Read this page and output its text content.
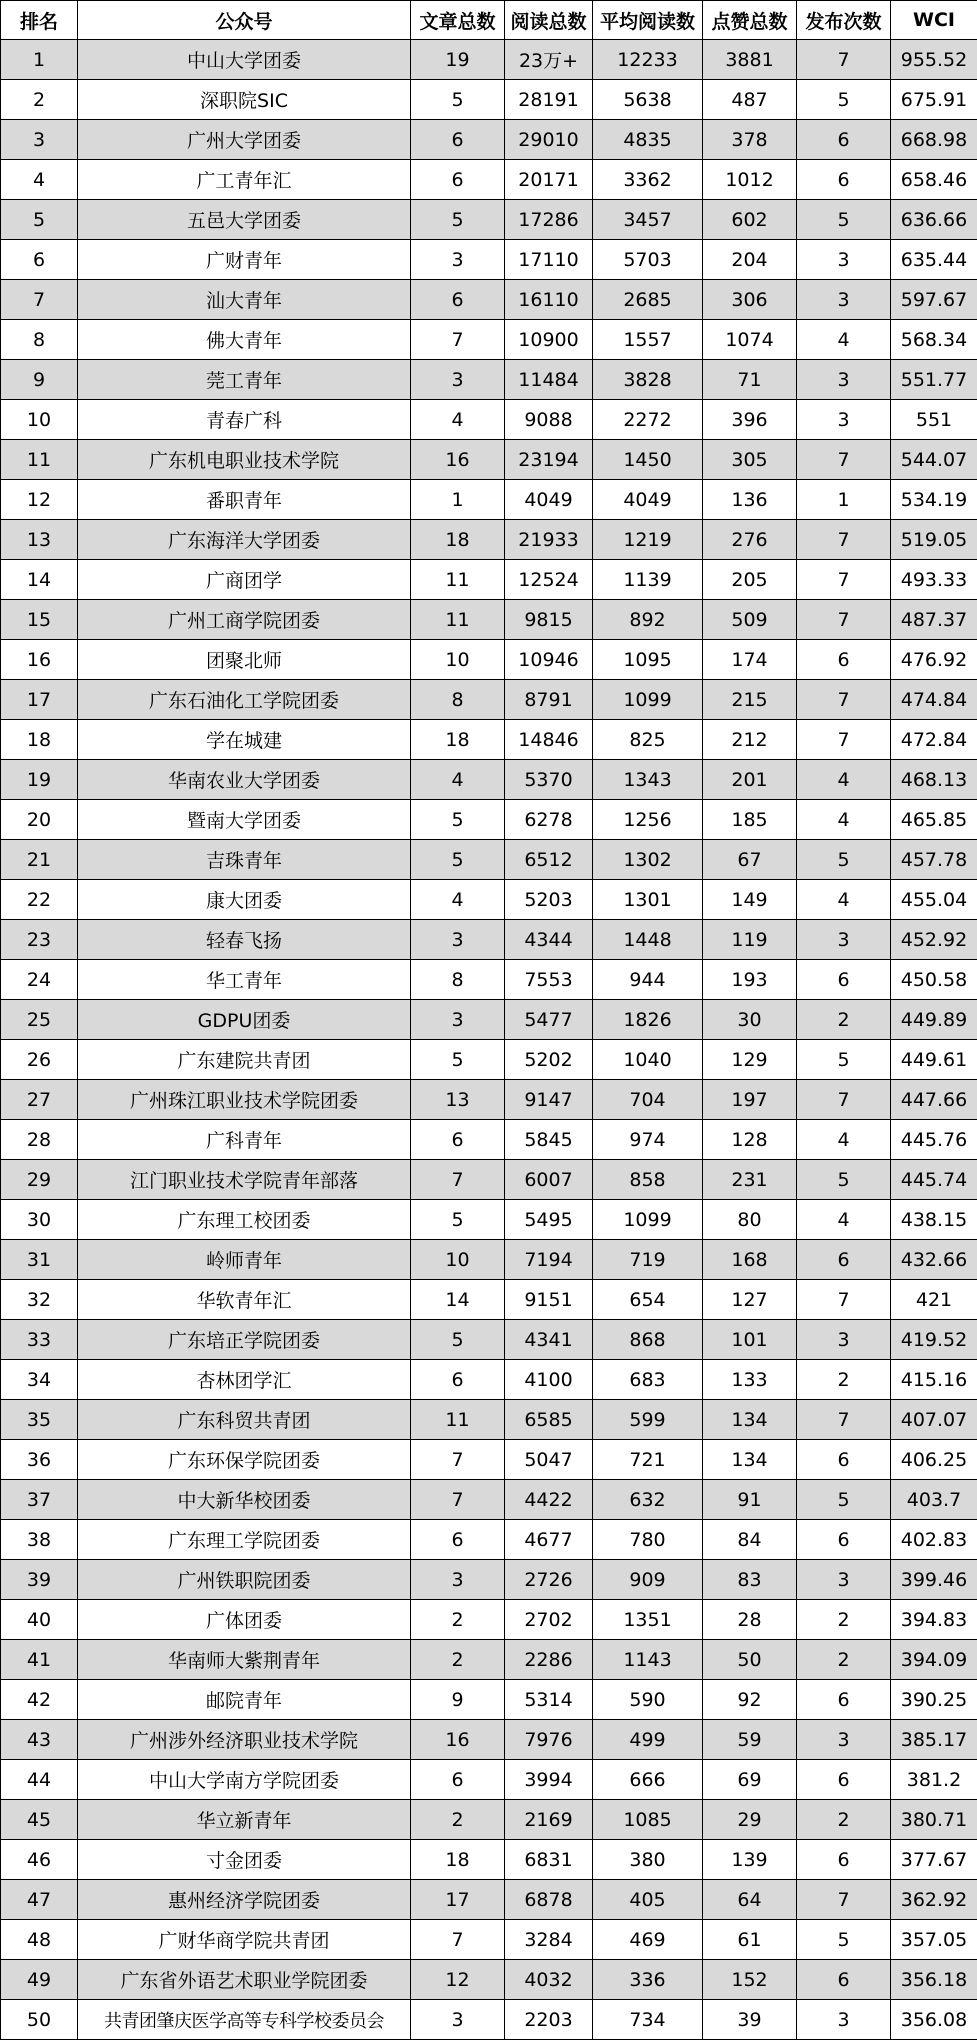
排名	公众号	文章总数	阅读总数	平均阅读数	点赞总数	发布次数	WCI
1	中山大学团委	19	23万+	12233	3881	7	955.52
2	深职院SIC	5	28191	5638	487	5	675.91
3	广州大学团委	6	29010	4835	378	6	668.98
4	广工青年汇	6	20171	3362	1012	6	658.46
5	五邑大学团委	5	17286	3457	602	5	636.66
6	广财青年	3	17110	5703	204	3	635.44
7	汕大青年	6	16110	2685	306	3	597.67
8	佛大青年	7	10900	1557	1074	4	568.34
9	莞工青年	3	11484	3828	71	3	551.77
10	青春广科	4	9088	2272	396	3	551
11	广东机电职业技术学院	16	23194	1450	305	7	544.07
12	番职青年	1	4049	4049	136	1	534.19
13	广东海洋大学团委	18	21933	1219	276	7	519.05
14	广商团学	11	12524	1139	205	7	493.33
15	广州工商学院团委	11	9815	892	509	7	487.37
16	团聚北师	10	10946	1095	174	6	476.92
17	广东石油化工学院团委	8	8791	1099	215	7	474.84
18	学在城建	18	14846	825	212	7	472.84
19	华南农业大学团委	4	5370	1343	201	4	468.13
20	暨南大学团委	5	6278	1256	185	4	465.85
21	吉珠青年	5	6512	1302	67	5	457.78
22	康大团委	4	5203	1301	149	4	455.04
23	轻春飞扬	3	4344	1448	119	3	452.92
24	华工青年	8	7553	944	193	6	450.58
25	GDPU团委	3	5477	1826	30	2	449.89
26	广东建院共青团	5	5202	1040	129	5	449.61
27	广州珠江职业技术学院团委	13	9147	704	197	7	447.66
28	广科青年	6	5845	974	128	4	445.76
29	江门职业技术学院青年部落	7	6007	858	231	5	445.74
30	广东理工校团委	5	5495	1099	80	4	438.15
31	岭师青年	10	7194	719	168	6	432.66
32	华软青年汇	14	9151	654	127	7	421
33	广东培正学院团委	5	4341	868	101	3	419.52
34	杏林团学汇	6	4100	683	133	2	415.16
35	广东科贸共青团	11	6585	599	134	7	407.07
36	广东环保学院团委	7	5047	721	134	6	406.25
37	中大新华校团委	7	4422	632	91	5	403.7
38	广东理工学院团委	6	4677	780	84	6	402.83
39	广州铁职院团委	3	2726	909	83	3	399.46
40	广体团委	2	2702	1351	28	2	394.83
41	华南师大紫荆青年	2	2286	1143	50	2	394.09
42	邮院青年	9	5314	590	92	6	390.25
43	广州涉外经济职业技术学院	16	7976	499	59	3	385.17
44	中山大学南方学院团委	6	3994	666	69	6	381.2
45	华立新青年	2	2169	1085	29	2	380.71
46	寸金团委	18	6831	380	139	6	377.67
47	惠州经济学院团委	17	6878	405	64	7	362.92
48	广财华商学院共青团	7	3284	469	61	5	357.05
49	广东省外语艺术职业学院团委	12	4032	336	152	6	356.18
50	共青团肇庆医学高等专科学校委员会	3	2203	734	39	3	356.08
